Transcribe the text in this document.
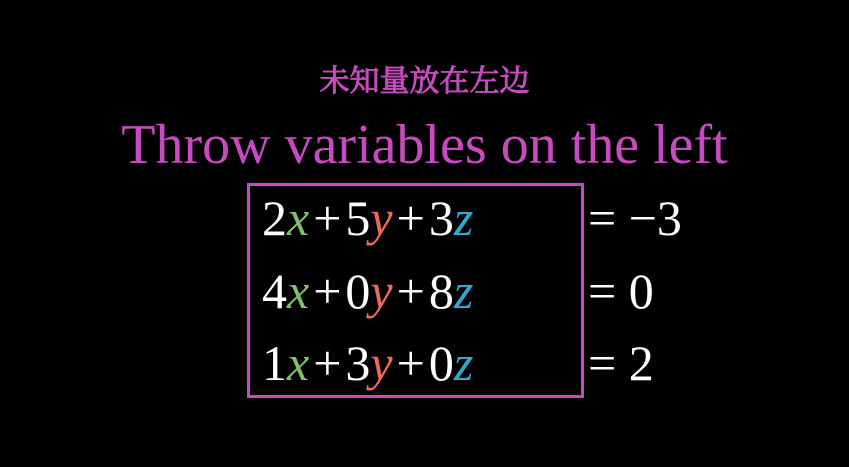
未知量放在左边
Throw variables on the left
2x+5y+3z = −3
4x+0y+8z = 0
1x+3y+0z = 2
